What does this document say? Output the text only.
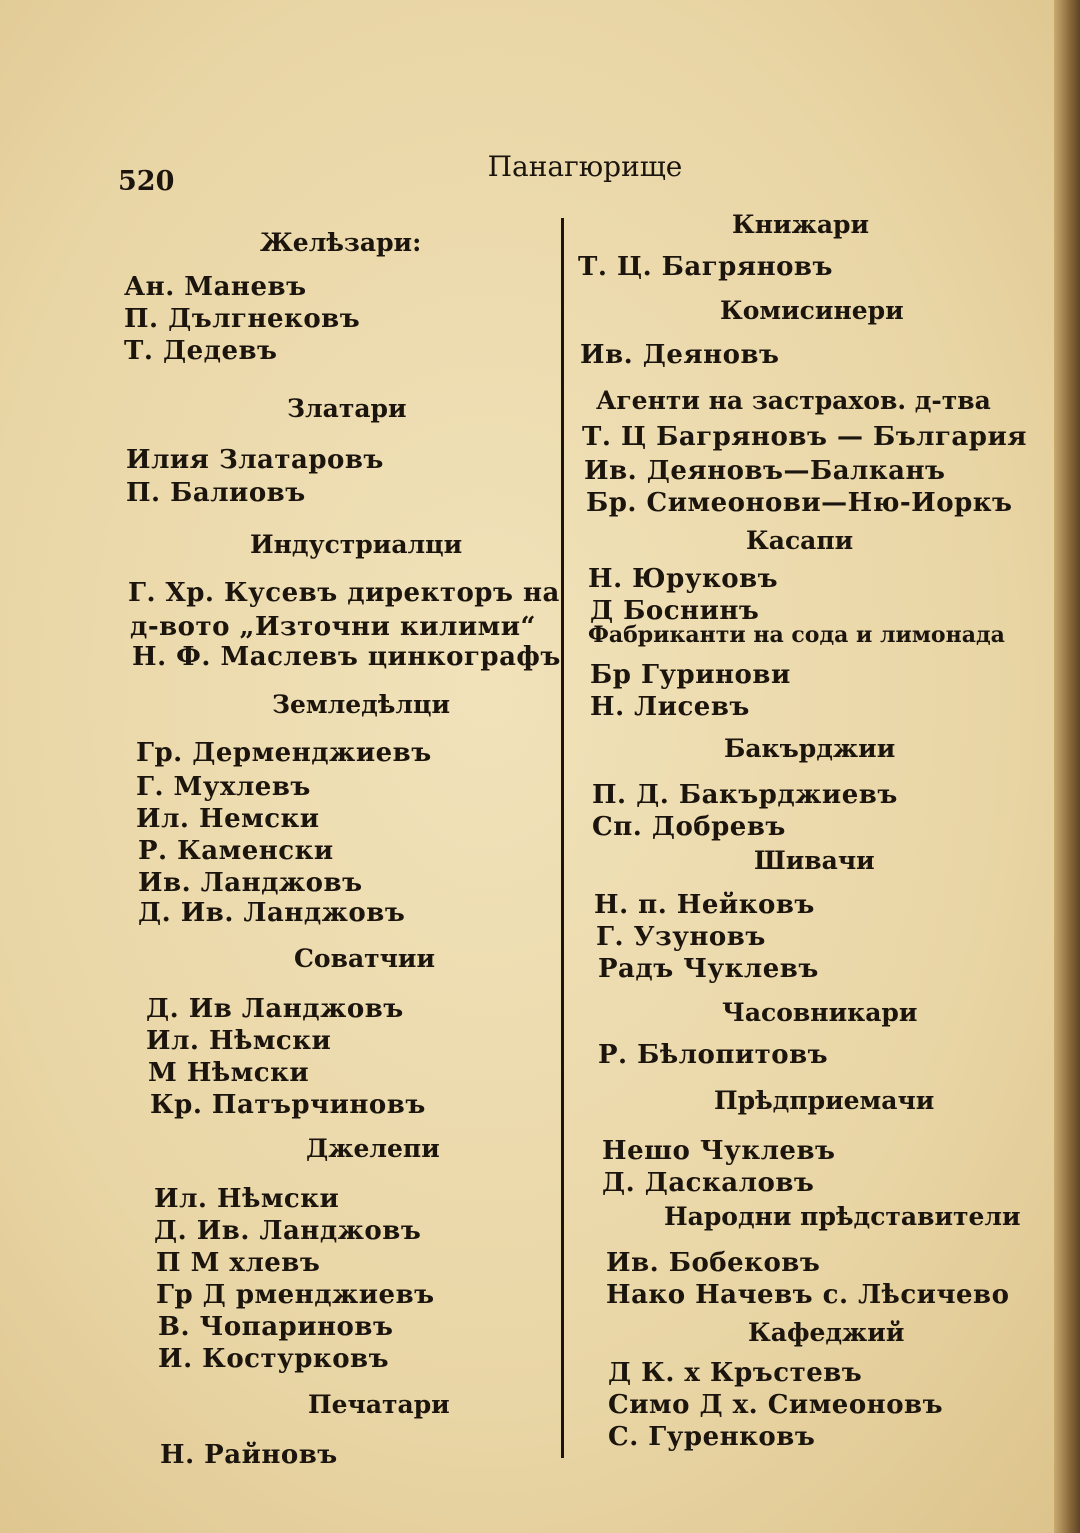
520	Панагюрище
Желѣзари:
Ан. Маневъ
П. Дългнековъ
Т. Дедевъ
Златари
Илия Златаровъ
П. Балиовъ
Индустриалци
Г. Хр. Кусевъ директоръ на
д-вото „Източни килими“
Н. Ф. Маслевъ цинкографъ
Земледѣлци
Гр. Дерменджиевъ
Г. Мухлевъ
Ил. Немски
Р. Каменски
Ив. Ланджовъ
Д. Ив. Ланджовъ
Соватчии
Д. Ив Ланджовъ
Ил. Нѣмски
М Нѣмски
Кр. Патърчиновъ
Джелепи
Ил. Нѣмски
Д. Ив. Ланджовъ
П М хлевъ
Гр Д рменджиевъ
В. Чопариновъ
И. Костурковъ
Печатари
Н. Райновъ
Книжари
Т. Ц. Багряновъ
Комисинери
Ив. Деяновъ
Агенти на застрахов. д-тва
Т. Ц Багряновъ — България
Ив. Деяновъ—Балканъ
Бр. Симеонови—Ню-Иоркъ
Касапи
Н. Юруковъ
Д Боснинъ
Фабриканти на сода и лимонада
Бр Гуринови
Н. Лисевъ
Бакърджии
П. Д. Бакърджиевъ
Сп. Добревъ
Шивачи
Н. п. Нейковъ
Г. Узуновъ
Радъ Чуклевъ
Часовникари
Р. Бѣлопитовъ
Прѣдприемачи
Нешо Чуклевъ
Д. Даскаловъ
Народни прѣдставители
Ив. Бобековъ
Нако Начевъ с. Лѣсичево
Кафеджий
Д К. х Кръстевъ
Симо Д х. Симеоновъ
С. Гуренковъ
